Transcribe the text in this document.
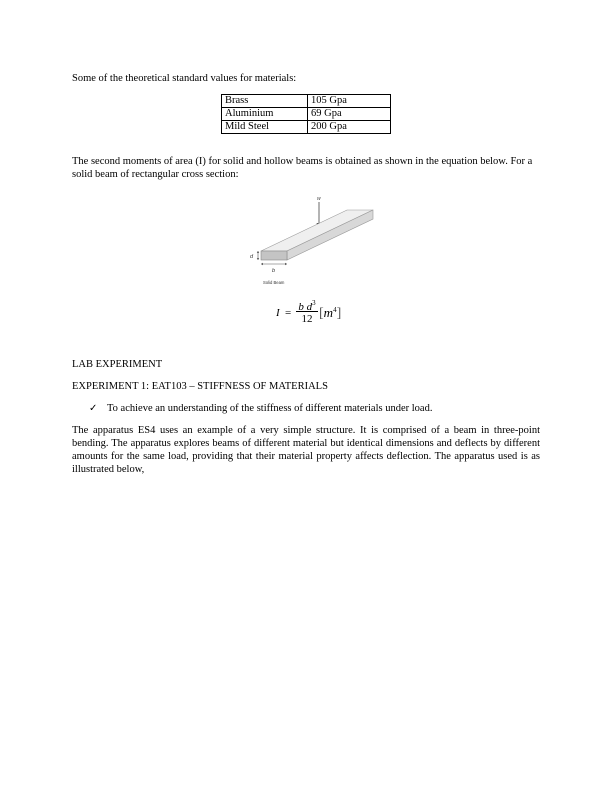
Some of the theoretical standard values for materials:
Brass	105 Gpa
Aluminium	69 Gpa
Mild Steel	200 Gpa
The second moments of area (I) for solid and hollow beams is obtained as shown in the equation below. For a solid beam of rectangular cross section:
w
d
b
Solid Beam
I = b $d^3$
12 $[m^4]$
LAB EXPERIMENT
EXPERIMENT 1: EAT103 – STIFFNESS OF MATERIALS
✓ To achieve an understanding of the stiffness of different materials under load.
The apparatus ES4 uses an example of a very simple structure. It is comprised of a beam in three-point bending. The apparatus explores beams of different material but identical dimensions and deflects by different amounts for the same load, providing that their material property affects deflection. The apparatus used is as illustrated below,
